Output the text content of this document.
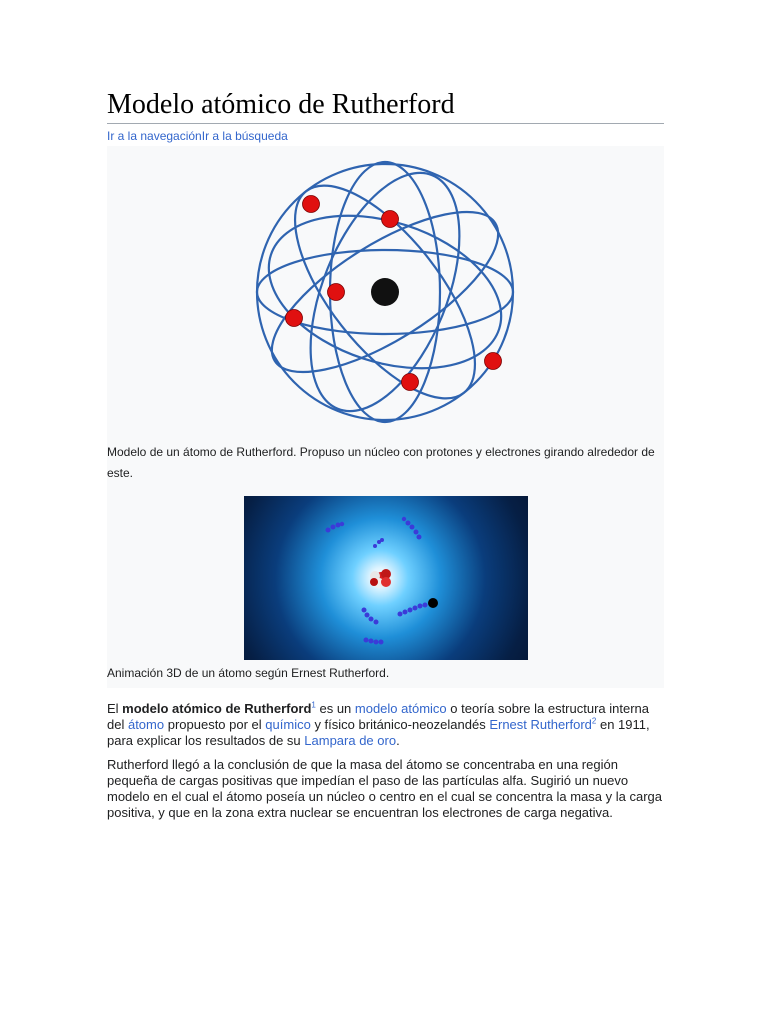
Modelo atómico de Rutherford
Ir a la navegaciónIr a la búsqueda
Modelo de un átomo de Rutherford. Propuso un núcleo con protones y electrones girando alrededor de este.
Animación 3D de un átomo según Ernest Rutherford.

El modelo atómico de Rutherford$^1$ es un modelo atómico o teoría sobre la estructura interna del átomo propuesto por el químico y físico británico-neozelandés Ernest Rutherford$^2$ en 1911, para explicar los resultados de su Lampara de oro.

Rutherford llegó a la conclusión de que la masa del átomo se concentraba en una región pequeña de cargas positivas que impedían el paso de las partículas alfa. Sugirió un nuevo modelo en el cual el átomo poseía un núcleo o centro en el cual se concentra la masa y la carga positiva, y que en la zona extra nuclear se encuentran los electrones de carga negativa.
